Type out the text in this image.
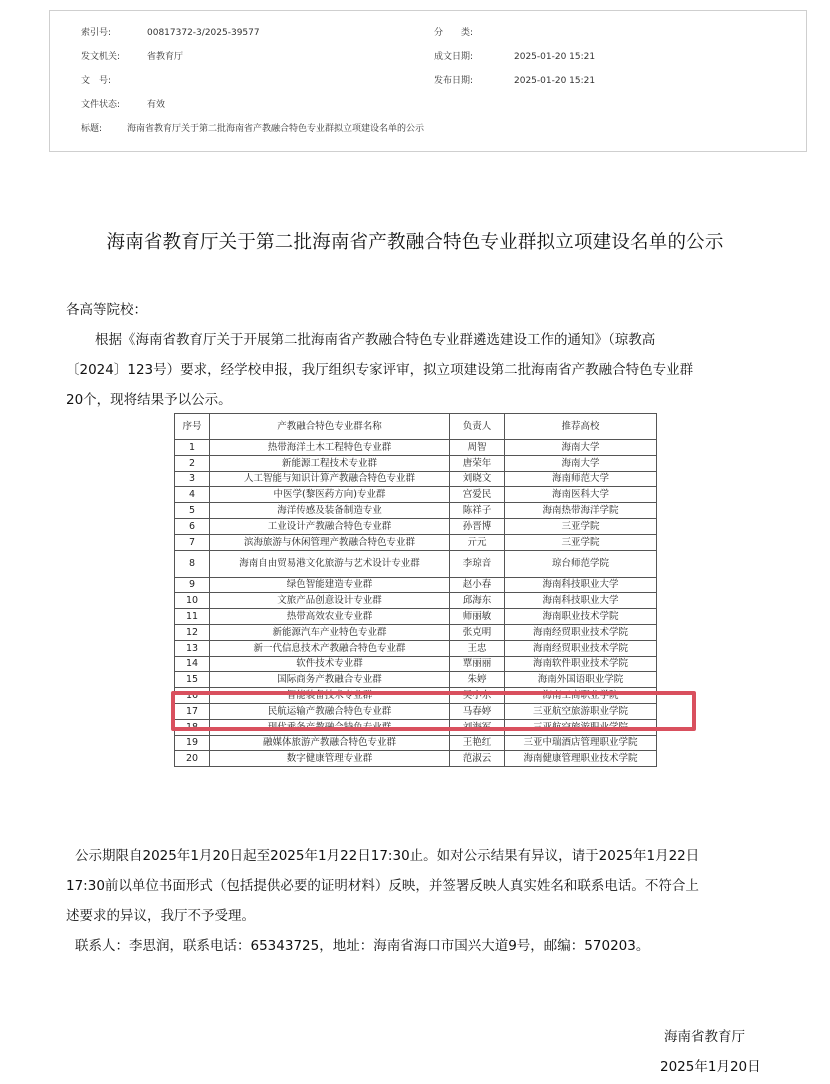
索引号:	00817372-3/2025-39577	分　　类:
发文机关:	省教育厅	成文日期:	2025-01-20 15:21
文　号:	发布日期:	2025-01-20 15:21
文件状态:	有效
标题:	海南省教育厅关于第二批海南省产教融合特色专业群拟立项建设名单的公示
海南省教育厅关于第二批海南省产教融合特色专业群拟立项建设名单的公示
各高等院校：
根据《海南省教育厅关于开展第二批海南省产教融合特色专业群遴选建设工作的通知》（琼教高
〔2024〕123号）要求，经学校申报，我厅组织专家评审，拟立项建设第二批海南省产教融合特色专业群
20个，现将结果予以公示。
序号	产教融合特色专业群名称	负责人	推荐高校
1	热带海洋土木工程特色专业群	周智	海南大学
2	新能源工程技术专业群	唐荣年	海南大学
3	人工智能与知识计算产教融合特色专业群	刘晓文	海南师范大学
4	中医学(黎医药方向)专业群	宫爱民	海南医科大学
5	海洋传感及装备制造专业	陈祥子	海南热带海洋学院
6	工业设计产教融合特色专业群	孙晋博	三亚学院
7	滨海旅游与休闲管理产教融合特色专业群	亓元	三亚学院
8	海南自由贸易港文化旅游与艺术设计专业群	李琼音	琼台师范学院
9	绿色智能建造专业群	赵小春	海南科技职业大学
10	文旅产品创意设计专业群	邱海东	海南科技职业大学
11	热带高效农业专业群	师丽敏	海南职业技术学院
12	新能源汽车产业特色专业群	张克明	海南经贸职业技术学院
13	新一代信息技术产教融合特色专业群	王忠	海南经贸职业技术学院
14	软件技术专业群	覃丽丽	海南软件职业技术学院
15	国际商务产教融合专业群	朱婷	海南外国语职业学院
16	智能装备技术专业群	吴小东	海南工商职业学院
17	民航运输产教融合特色专业群	马春婷	三亚航空旅游职业学院
18	现代乘务产教融合特色专业群	刘海军	三亚航空旅游职业学院
19	融媒体旅游产教融合特色专业群	王艳红	三亚中瑞酒店管理职业学院
20	数字健康管理专业群	范淑云	海南健康管理职业技术学院
公示期限自2025年1月20日起至2025年1月22日17:30止。如对公示结果有异议，请于2025年1月22日
17:30前以单位书面形式（包括提供必要的证明材料）反映，并签署反映人真实姓名和联系电话。不符合上
述要求的异议，我厅不予受理。
联系人：李思润，联系电话：65343725，地址：海南省海口市国兴大道9号，邮编：570203。
海南省教育厅
2025年1月20日
